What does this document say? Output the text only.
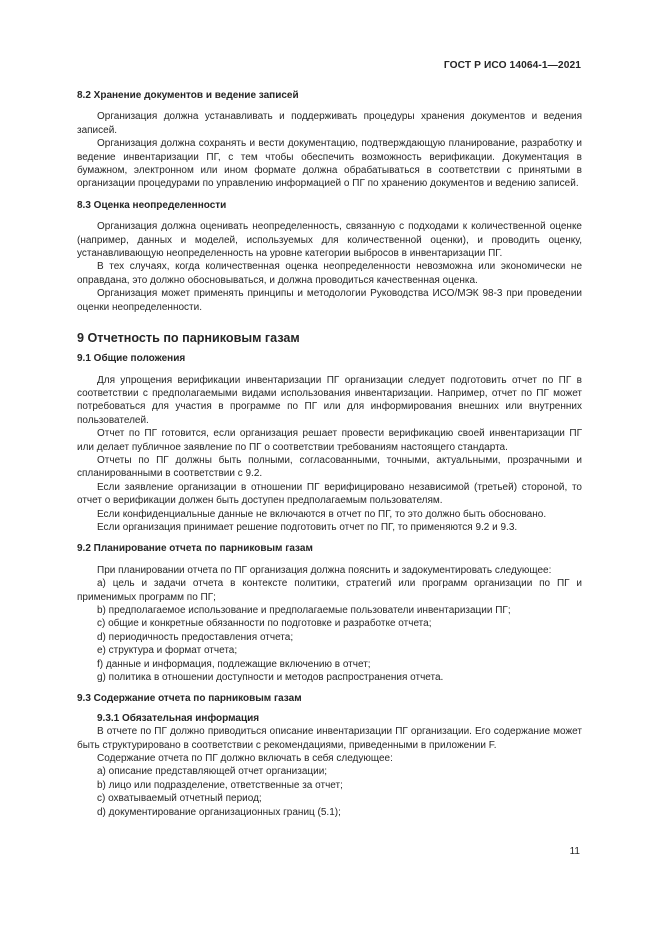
ГОСТ Р ИСО 14064-1—2021
8.2 Хранение документов и ведение записей

Организация должна устанавливать и поддерживать процедуры хранения документов и ведения записей.

Организация должна сохранять и вести документацию, подтверждающую планирование, разработку и ведение инвентаризации ПГ, с тем чтобы обеспечить возможность верификации. Документация в бумажном, электронном или ином формате должна обрабатываться в соответствии с принятыми в организации процедурами по управлению информацией о ПГ по хранению документов и ведению записей.

8.3 Оценка неопределенности

Организация должна оценивать неопределенность, связанную с подходами к количественной оценке (например, данных и моделей, используемых для количественной оценки), и проводить оценку, устанавливающую неопределенность на уровне категории выбросов в инвентаризации ПГ.

В тех случаях, когда количественная оценка неопределенности невозможна или экономически не оправдана, это должно обосновываться, и должна проводиться качественная оценка.

Организация может применять принципы и методологии Руководства ИСО/МЭК 98-3 при проведении оценки неопределенности.

9 Отчетность по парниковым газам
9.1 Общие положения

Для упрощения верификации инвентаризации ПГ организации следует подготовить отчет по ПГ в соответствии с предполагаемыми видами использования инвентаризации. Например, отчет по ПГ может потребоваться для участия в программе по ПГ или для информирования внешних или внутренних пользователей.

Отчет по ПГ готовится, если организация решает провести верификацию своей инвентаризации ПГ или делает публичное заявление по ПГ о соответствии требованиям настоящего стандарта.

Отчеты по ПГ должны быть полными, согласованными, точными, актуальными, прозрачными и спланированными в соответствии с 9.2.

Если заявление организации в отношении ПГ верифицировано независимой (третьей) стороной, то отчет о верификации должен быть доступен предполагаемым пользователям.

Если конфиденциальные данные не включаются в отчет по ПГ, то это должно быть обосновано.

Если организация принимает решение подготовить отчет по ПГ, то применяются 9.2 и 9.3.

9.2 Планирование отчета по парниковым газам

При планировании отчета по ПГ организация должна пояснить и задокументировать следующее:

a) цель и задачи отчета в контексте политики, стратегий или программ организации по ПГ и применимых программ по ПГ;

b) предполагаемое использование и предполагаемые пользователи инвентаризации ПГ;

c) общие и конкретные обязанности по подготовке и разработке отчета;

d) периодичность предоставления отчета;

e) структура и формат отчета;

f) данные и информация, подлежащие включению в отчет;

g) политика в отношении доступности и методов распространения отчета.

9.3 Содержание отчета по парниковым газам
9.3.1 Обязательная информация

В отчете по ПГ должно приводиться описание инвентаризации ПГ организации. Его содержание может быть структурировано в соответствии с рекомендациями, приведенными в приложении F.

Содержание отчета по ПГ должно включать в себя следующее:

a) описание представляющей отчет организации;

b) лицо или подразделение, ответственные за отчет;

c) охватываемый отчетный период;

d) документирование организационных границ (5.1);

11
